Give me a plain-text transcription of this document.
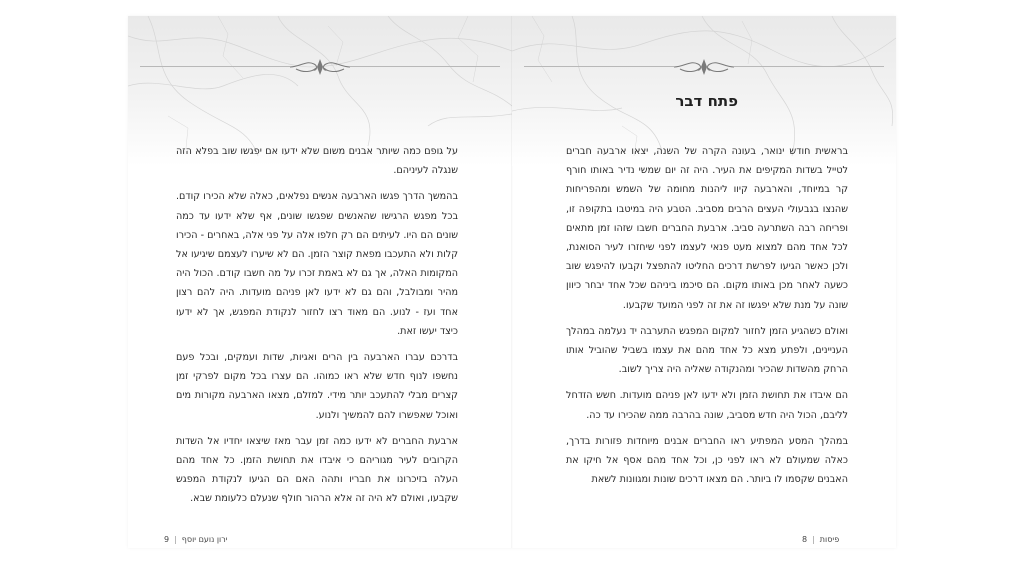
על גופם כמה שיותר אבנים משום שלא ידעו אם יפגשו שוב בפלא הזה שנגלה לעיניהם.

בהמשך הדרך פגשו הארבעה אנשים נפלאים, כאלה שלא הכירו קודם. בכל מפגש הרגישו שהאנשים שפגשו שונים, אף שלא ידעו עד כמה שונים הם היו. לעיתים הם רק חלפו אלה על פני אלה, באחרים - הכירו קלות ולא התעכבו מפאת קוצר הזמן. הם לא שיערו לעצמם שיגיעו אל המקומות האלה, אך גם לא באמת זכרו על מה חשבו קודם. הכול היה מהיר ומבולבל, והם גם לא ידעו לאן פניהם מועדות. היה להם רצון אחד ועז - לנוע. הם מאוד רצו לחזור לנקודת המפגש, אך לא ידעו כיצד יעשו זאת.

בדרכם עברו הארבעה בין הרים ואגיות, שדות ועמקים, ובכל פעם נחשפו לנוף חדש שלא ראו כמוהו. הם עצרו בכל מקום לפרקי זמן קצרים מבלי להתעכב יותר מידי. למזלם, מצאו הארבעה מקורות מים ואוכל שאפשרו להם להמשיך ולנוע.

ארבעת החברים לא ידעו כמה זמן עבר מאז שיצאו יחדיו אל השדות הקרובים לעיר מגוריהם כי איבדו את תחושת הזמן. כל אחד מהם העלה בזיכרונו את חבריו ותהה האם הם הגיעו לנקודת המפגש שקבעו, ואולם לא היה זה אלא הרהור חולף שנעלם כלעומת שבא.

ירון נועם יוסף|9
פתח דבר

בראשית חודש ינואר, בעונה הקרה של השנה, יצאו ארבעה חברים לטייל בשדות המקיפים את העיר. היה זה יום שמשי נדיר באותו חורף קר במיוחד, והארבעה קיוו ליהנות מחומה של השמש ומהפריחות שהנצו בגבעולי העצים הרבים מסביב. הטבע היה במיטבו בתקופה זו, ופריחה רבה השתרעה סביב. ארבעת החברים חשבו שזהו זמן מתאים לכל אחד מהם למצוא מעט פנאי לעצמו לפני שיחזרו לעיר הסואנת, ולכן כאשר הגיעו לפרשת דרכים החליטו להתפצל וקבעו להיפגש שוב כשעה לאחר מכן באותו מקום. הם סיכמו ביניהם שכל אחד יבחר כיוון שונה על מנת שלא יפגשו זה את זה לפני המועד שקבעו.

ואולם כשהגיע הזמן לחזור למקום המפגש התערבה יד נעלמה במהלך העניינים, ולפתע מצא כל אחד מהם את עצמו בשביל שהוביל אותו הרחק מהשדות שהכיר ומהנקודה שאליה היה צריך לשוב.

הם איבדו את תחושת הזמן ולא ידעו לאן פניהם מועדות. חשש הזדחל לליבם, הכול היה חדש מסביב, שונה בהרבה ממה שהכירו עד כה.

במהלך המסע המפתיע ראו החברים אבנים מיוחדות פזורות בדרך, כאלה שמעולם לא ראו לפני כן, וכל אחד מהם אסף אל חיקו את האבנים שקסמו לו ביותר. הם מצאו דרכים שונות ומגוונות לשאת

פיסות|8
